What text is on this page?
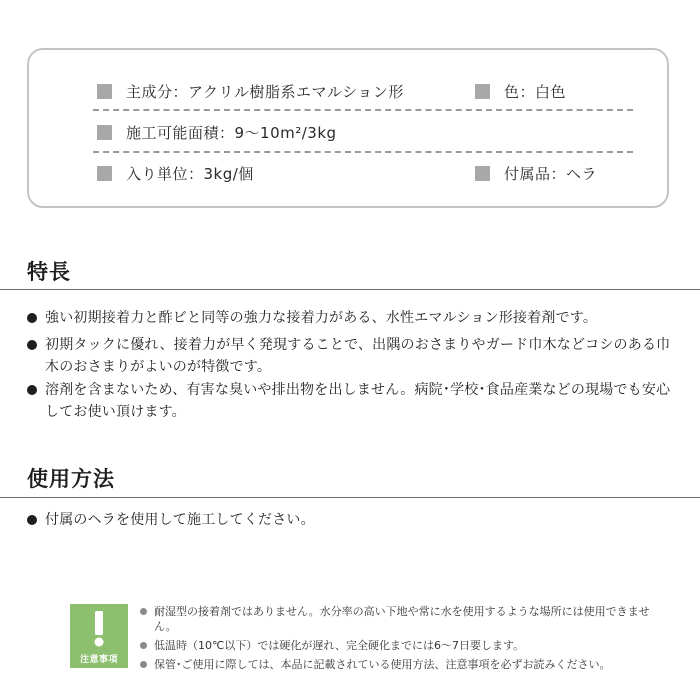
主成分：アクリル樹脂系エマルション形	色：白色
施工可能面積：9〜10m²/3kg
入り単位：3kg/個	付属品：ヘラ
特長
強い初期接着力と酢ビと同等の強力な接着力がある、水性エマルション形接着剤です。
初期タックに優れ、接着力が早く発現することで、出隅のおさまりやガード巾木などコシのある巾木のおさまりがよいのが特徴です。
溶剤を含まないため、有害な臭いや排出物を出しません。病院･学校･食品産業などの現場でも安心してお使い頂けます。
使用方法
付属のヘラを使用して施工してください。
注意事項
耐湿型の接着剤ではありません。水分率の高い下地や常に水を使用するような場所には使用できません。
低温時（10℃以下）では硬化が遅れ、完全硬化までには6〜7日要します。
保管･ご使用に際しては、本品に記載されている使用方法、注意事項を必ずお読みください。
